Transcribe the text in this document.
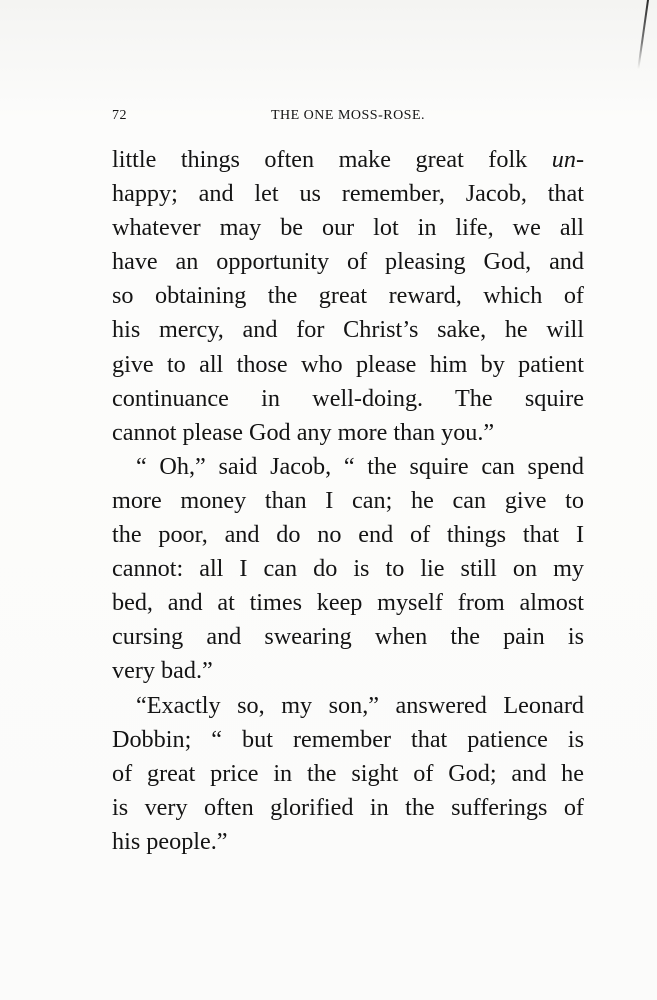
72	THE ONE MOSS-ROSE.

little things often make great folk un-
happy; and let us remember, Jacob, that
whatever may be our lot in life, we all
have an opportunity of pleasing God, and
so obtaining the great reward, which of
his mercy, and for Christ’s sake, he will
give to all those who please him by patient
continuance in well-doing. The squire
cannot please God any more than you.”

“ Oh,” said Jacob, “ the squire can spend
more money than I can; he can give to
the poor, and do no end of things that I
cannot: all I can do is to lie still on my
bed, and at times keep myself from almost
cursing and swearing when the pain is
very bad.”

“Exactly so, my son,” answered Leonard
Dobbin; “ but remember that patience is
of great price in the sight of God; and he
is very often glorified in the sufferings of
his people.”
